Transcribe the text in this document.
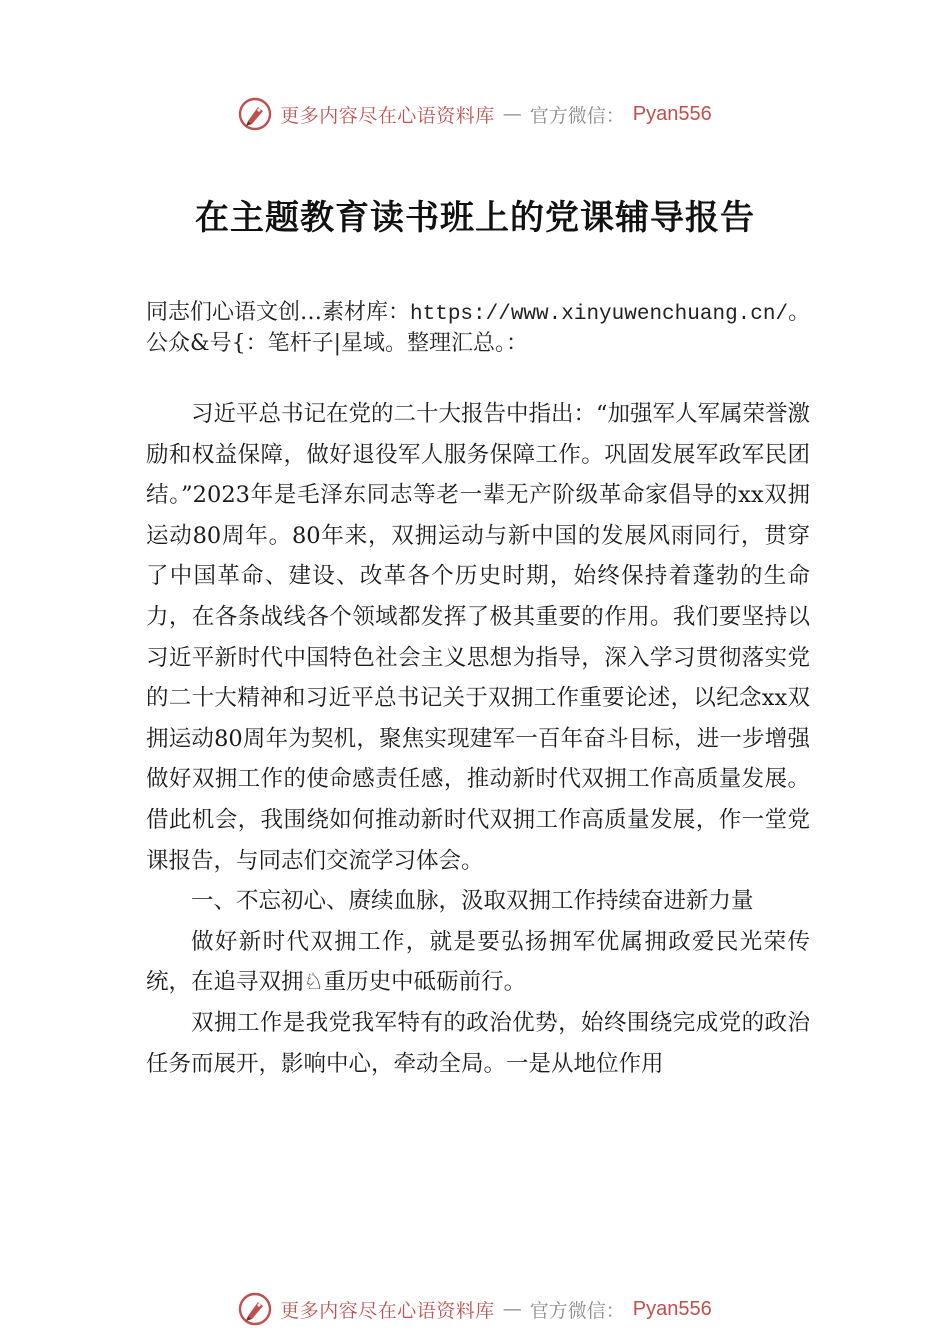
更多内容尽在心语资料库 — 官方微信： Pyan556
在主题教育读书班上的党课辅导报告

同志们心语文创…素材库：https://www.xinyuwenchuang.cn/。公众&号{：笔杆子|星域。整理汇总。：

习近平总书记在党的二十大报告中指出：“加强军人军属荣誉激励和权益保障，做好退役军人服务保障工作。巩固发展军政军民团结。”2023年是毛泽东同志等老一辈无产阶级革命家倡导的xx双拥运动80周年。80年来，双拥运动与新中国的发展风雨同行，贯穿了中国革命、建设、改革各个历史时期，始终保持着蓬勃的生命力，在各条战线各个领域都发挥了极其重要的作用。我们要坚持以习近平新时代中国特色社会主义思想为指导，深入学习贯彻落实党的二十大精神和习近平总书记关于双拥工作重要论述，以纪念xx双拥运动80周年为契机，聚焦实现建军一百年奋斗目标，进一步增强做好双拥工作的使命感责任感，推动新时代双拥工作高质量发展。借此机会，我围绕如何推动新时代双拥工作高质量发展，作一堂党课报告，与同志们交流学习体会。

一、不忘初心、赓续血脉，汲取双拥工作持续奋进新力量

做好新时代双拥工作，就是要弘扬拥军优属拥政爱民光荣传统，在追寻双拥♘重历史中砥砺前行。

双拥工作是我党我军特有的政治优势，始终围绕完成党的政治任务而展开，影响中心，牵动全局。一是从地位作用

更多内容尽在心语资料库 — 官方微信： Pyan556
